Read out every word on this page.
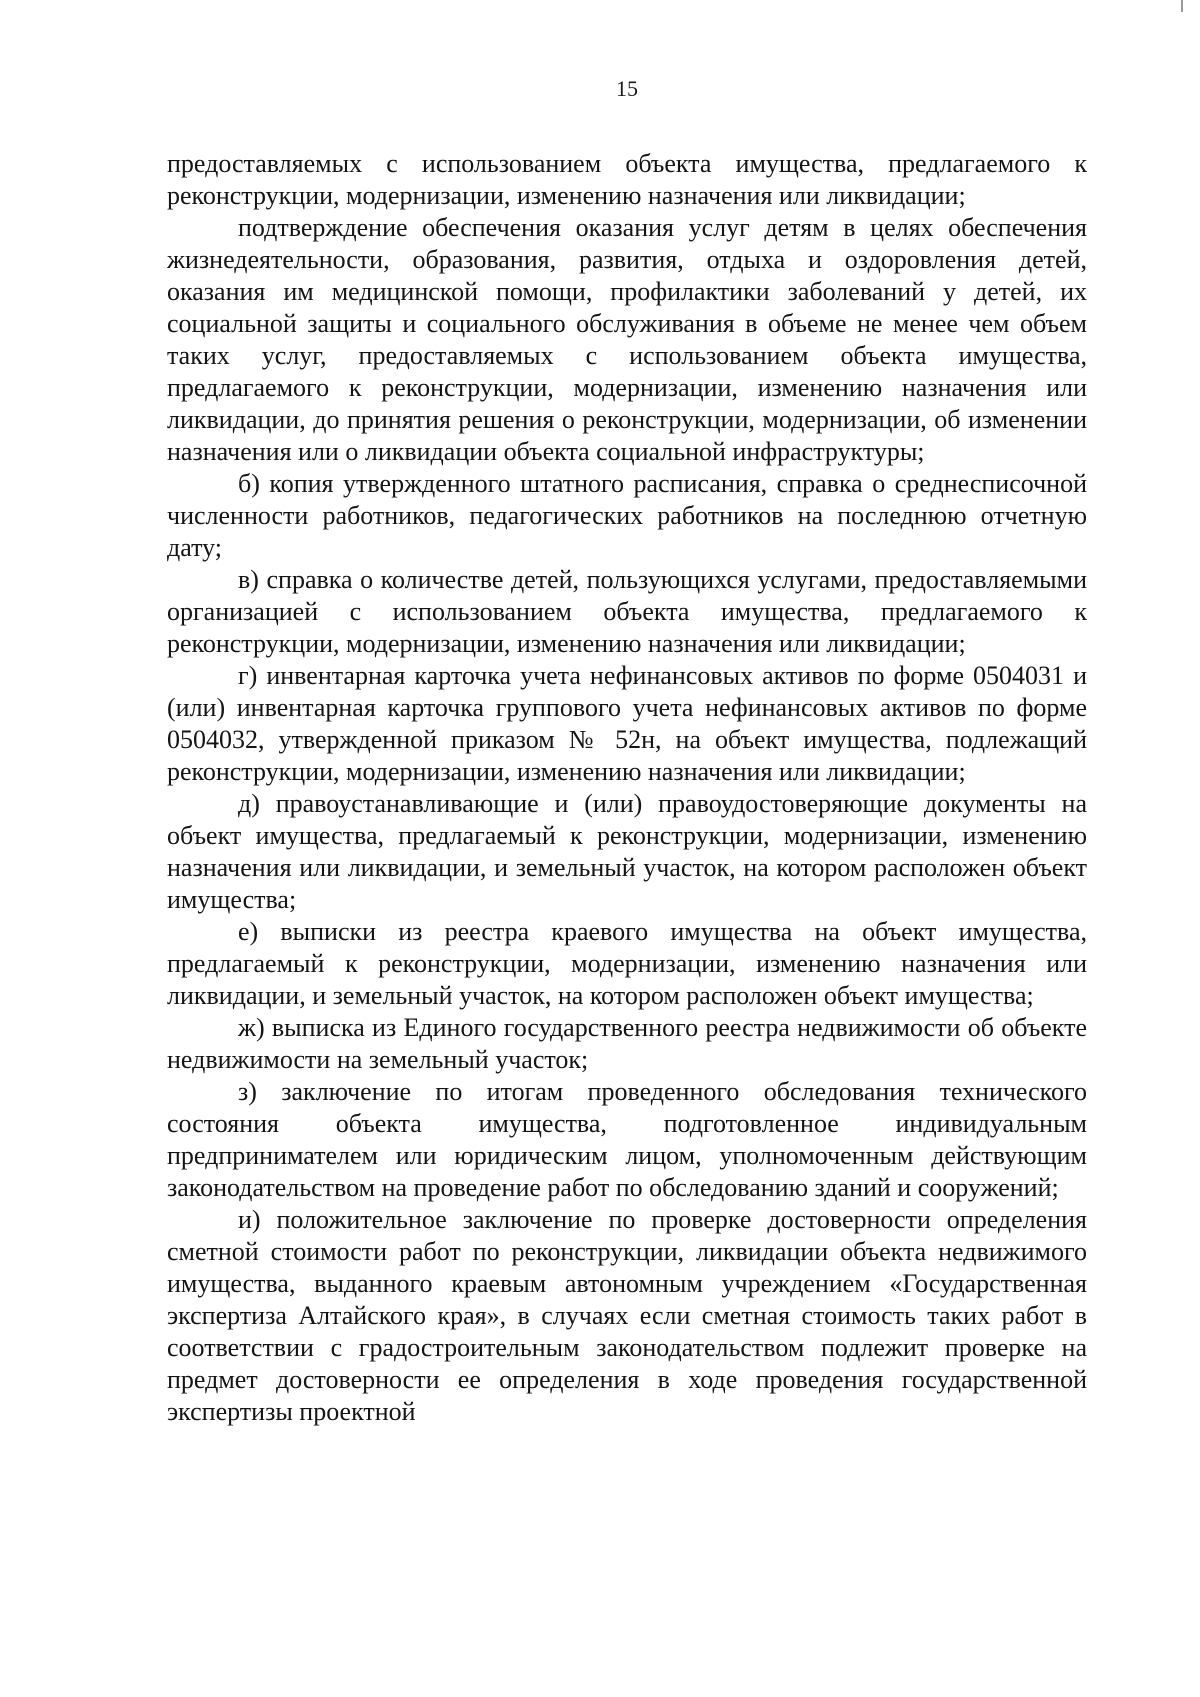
15

предоставляемых с использованием объекта имущества, предлагаемого к реконструкции, модернизации, изменению назначения или ликвидации;

подтверждение обеспечения оказания услуг детям в целях обеспечения жизнедеятельности, образования, развития, отдыха и оздоровления детей, оказания им медицинской помощи, профилактики заболеваний у детей, их социальной защиты и социального обслуживания в объеме не менее чем объем таких услуг, предоставляемых с использованием объекта имущества, предлагаемого к реконструкции, модернизации, изменению назначения или ликвидации, до принятия решения о реконструкции, модернизации, об изменении назначения или о ликвидации объекта социальной инфраструктуры;

б) копия утвержденного штатного расписания, справка о среднесписочной численности работников, педагогических работников на последнюю отчетную дату;

в) справка о количестве детей, пользующихся услугами, предоставляемыми организацией с использованием объекта имущества, предлагаемого к реконструкции, модернизации, изменению назначения или ликвидации;

г) инвентарная карточка учета нефинансовых активов по форме 0504031 и (или) инвентарная карточка группового учета нефинансовых активов по форме 0504032, утвержденной приказом № 52н, на объект имущества, подлежащий реконструкции, модернизации, изменению назначения или ликвидации;

д) правоустанавливающие и (или) правоудостоверяющие документы на объект имущества, предлагаемый к реконструкции, модернизации, изменению назначения или ликвидации, и земельный участок, на котором расположен объект имущества;

е) выписки из реестра краевого имущества на объект имущества, предлагаемый к реконструкции, модернизации, изменению назначения или ликвидации, и земельный участок, на котором расположен объект имущества;

ж) выписка из Единого государственного реестра недвижимости об объекте недвижимости на земельный участок;

з) заключение по итогам проведенного обследования технического состояния объекта имущества, подготовленное индивидуальным предпринимателем или юридическим лицом, уполномоченным действующим законодательством на проведение работ по обследованию зданий и сооружений;

и) положительное заключение по проверке достоверности определения сметной стоимости работ по реконструкции, ликвидации объекта недвижимого имущества, выданного краевым автономным учреждением «Государственная экспертиза Алтайского края», в случаях если сметная стоимость таких работ в соответствии с градостроительным законодательством подлежит проверке на предмет достоверности ее определения в ходе проведения государственной экспертизы проектной
